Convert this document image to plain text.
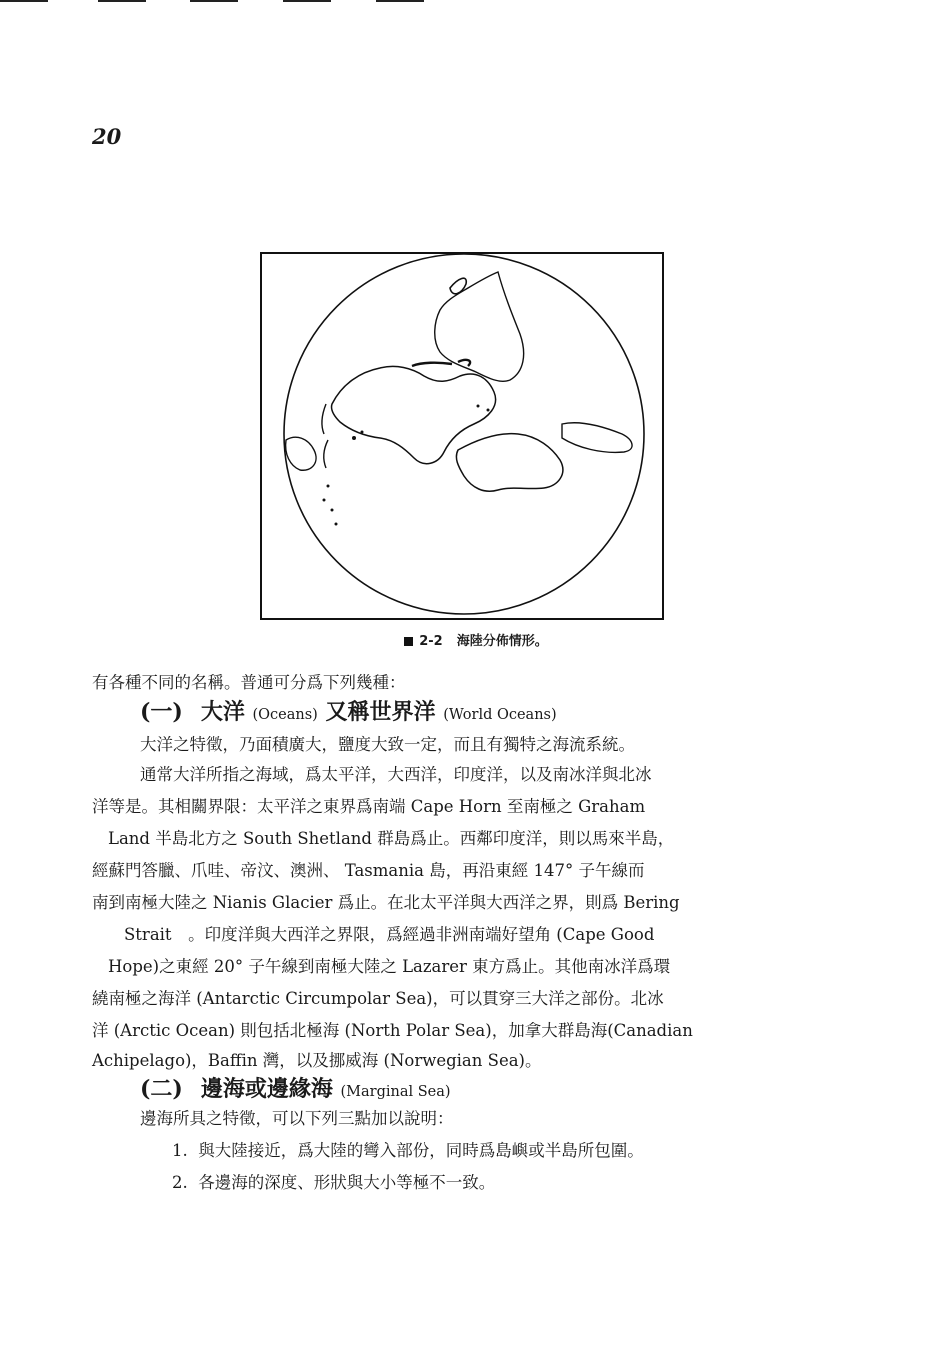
20
2-2 海陸分佈情形。
有各種不同的名稱。普通可分爲下列幾種：
(一) 大洋 (Oceans) 又稱世界洋 (World Oceans)
大洋之特徵，乃面積廣大，鹽度大致一定，而且有獨特之海流系統。
通常大洋所指之海域，爲太平洋，大西洋，印度洋，以及南冰洋與北冰
洋等是。其相關界限：太平洋之東界爲南端 Cape Horn 至南極之 Graham
Land 半島北方之 South Shetland 群島爲止。西鄰印度洋，則以馬來半島，
經蘇門答臘、爪哇、帝汶、澳洲、 Tasmania 島，再沿東經 147° 子午線而
南到南極大陸之 Nianis Glacier 爲止。在北太平洋與大西洋之界，則爲 Bering
Strait　。印度洋與大西洋之界限，爲經過非洲南端好望角 (Cape Good
Hope)之東經 20° 子午線到南極大陸之 Lazarer 東方爲止。其他南冰洋爲環
繞南極之海洋 (Antarctic Circumpolar Sea)，可以貫穿三大洋之部份。北冰
洋 (Arctic Ocean) 則包括北極海 (North Polar Sea)，加拿大群島海(Canadian
Achipelago)，Baffin 灣，以及挪威海 (Norwegian Sea)。
(二) 邊海或邊緣海 (Marginal Sea)
邊海所具之特徵，可以下列三點加以說明：
1. 與大陸接近，爲大陸的彎入部份，同時爲島嶼或半島所包圍。
2. 各邊海的深度、形狀與大小等極不一致。
